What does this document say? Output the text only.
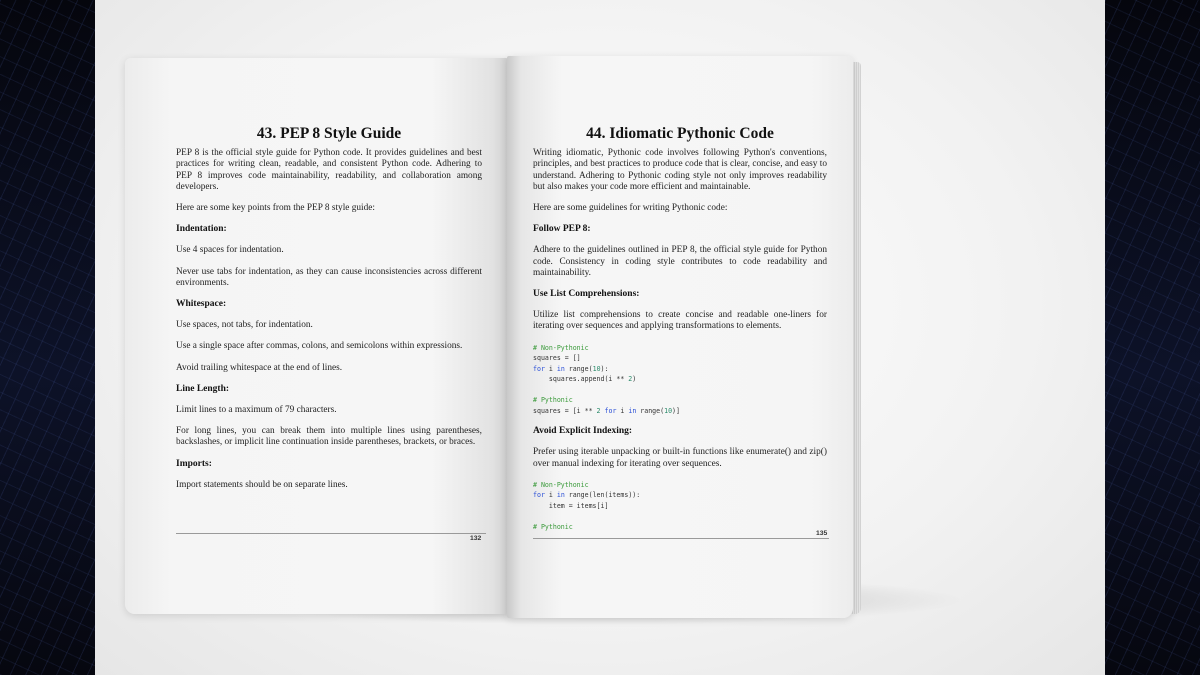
43. PEP 8 Style Guide

PEP 8 is the official style guide for Python code. It provides guidelines and best practices for writing clean, readable, and consistent Python code. Adhering to PEP 8 improves code maintainability, readability, and collaboration among developers.

Here are some key points from the PEP 8 style guide:

Indentation:

Use 4 spaces for indentation.

Never use tabs for indentation, as they can cause inconsistencies across different environments.

Whitespace:

Use spaces, not tabs, for indentation.

Use a single space after commas, colons, and semicolons within expressions.

Avoid trailing whitespace at the end of lines.

Line Length:

Limit lines to a maximum of 79 characters.

For long lines, you can break them into multiple lines using parentheses, backslashes, or implicit line continuation inside parentheses, brackets, or braces.

Imports:

Import statements should be on separate lines.

132
44. Idiomatic Pythonic Code

Writing idiomatic, Pythonic code involves following Python's conventions, principles, and best practices to produce code that is clear, concise, and easy to understand. Adhering to Pythonic coding style not only improves readability but also makes your code more efficient and maintainable.

Here are some guidelines for writing Pythonic code:

Follow PEP 8:

Adhere to the guidelines outlined in PEP 8, the official style guide for Python code. Consistency in coding style contributes to code readability and maintainability.

Use List Comprehensions:

Utilize list comprehensions to create concise and readable one-liners for iterating over sequences and applying transformations to elements.

# Non-Pythonic
squares = []
for i in range(10):
squares.append(i ** 2)
# Pythonic
squares = [i ** 2 for i in range(10)]
Avoid Explicit Indexing:

Prefer using iterable unpacking or built-in functions like enumerate() and zip() over manual indexing for iterating over sequences.

# Non-Pythonic
for i in range(len(items)):
item = items[i]
# Pythonic
135
